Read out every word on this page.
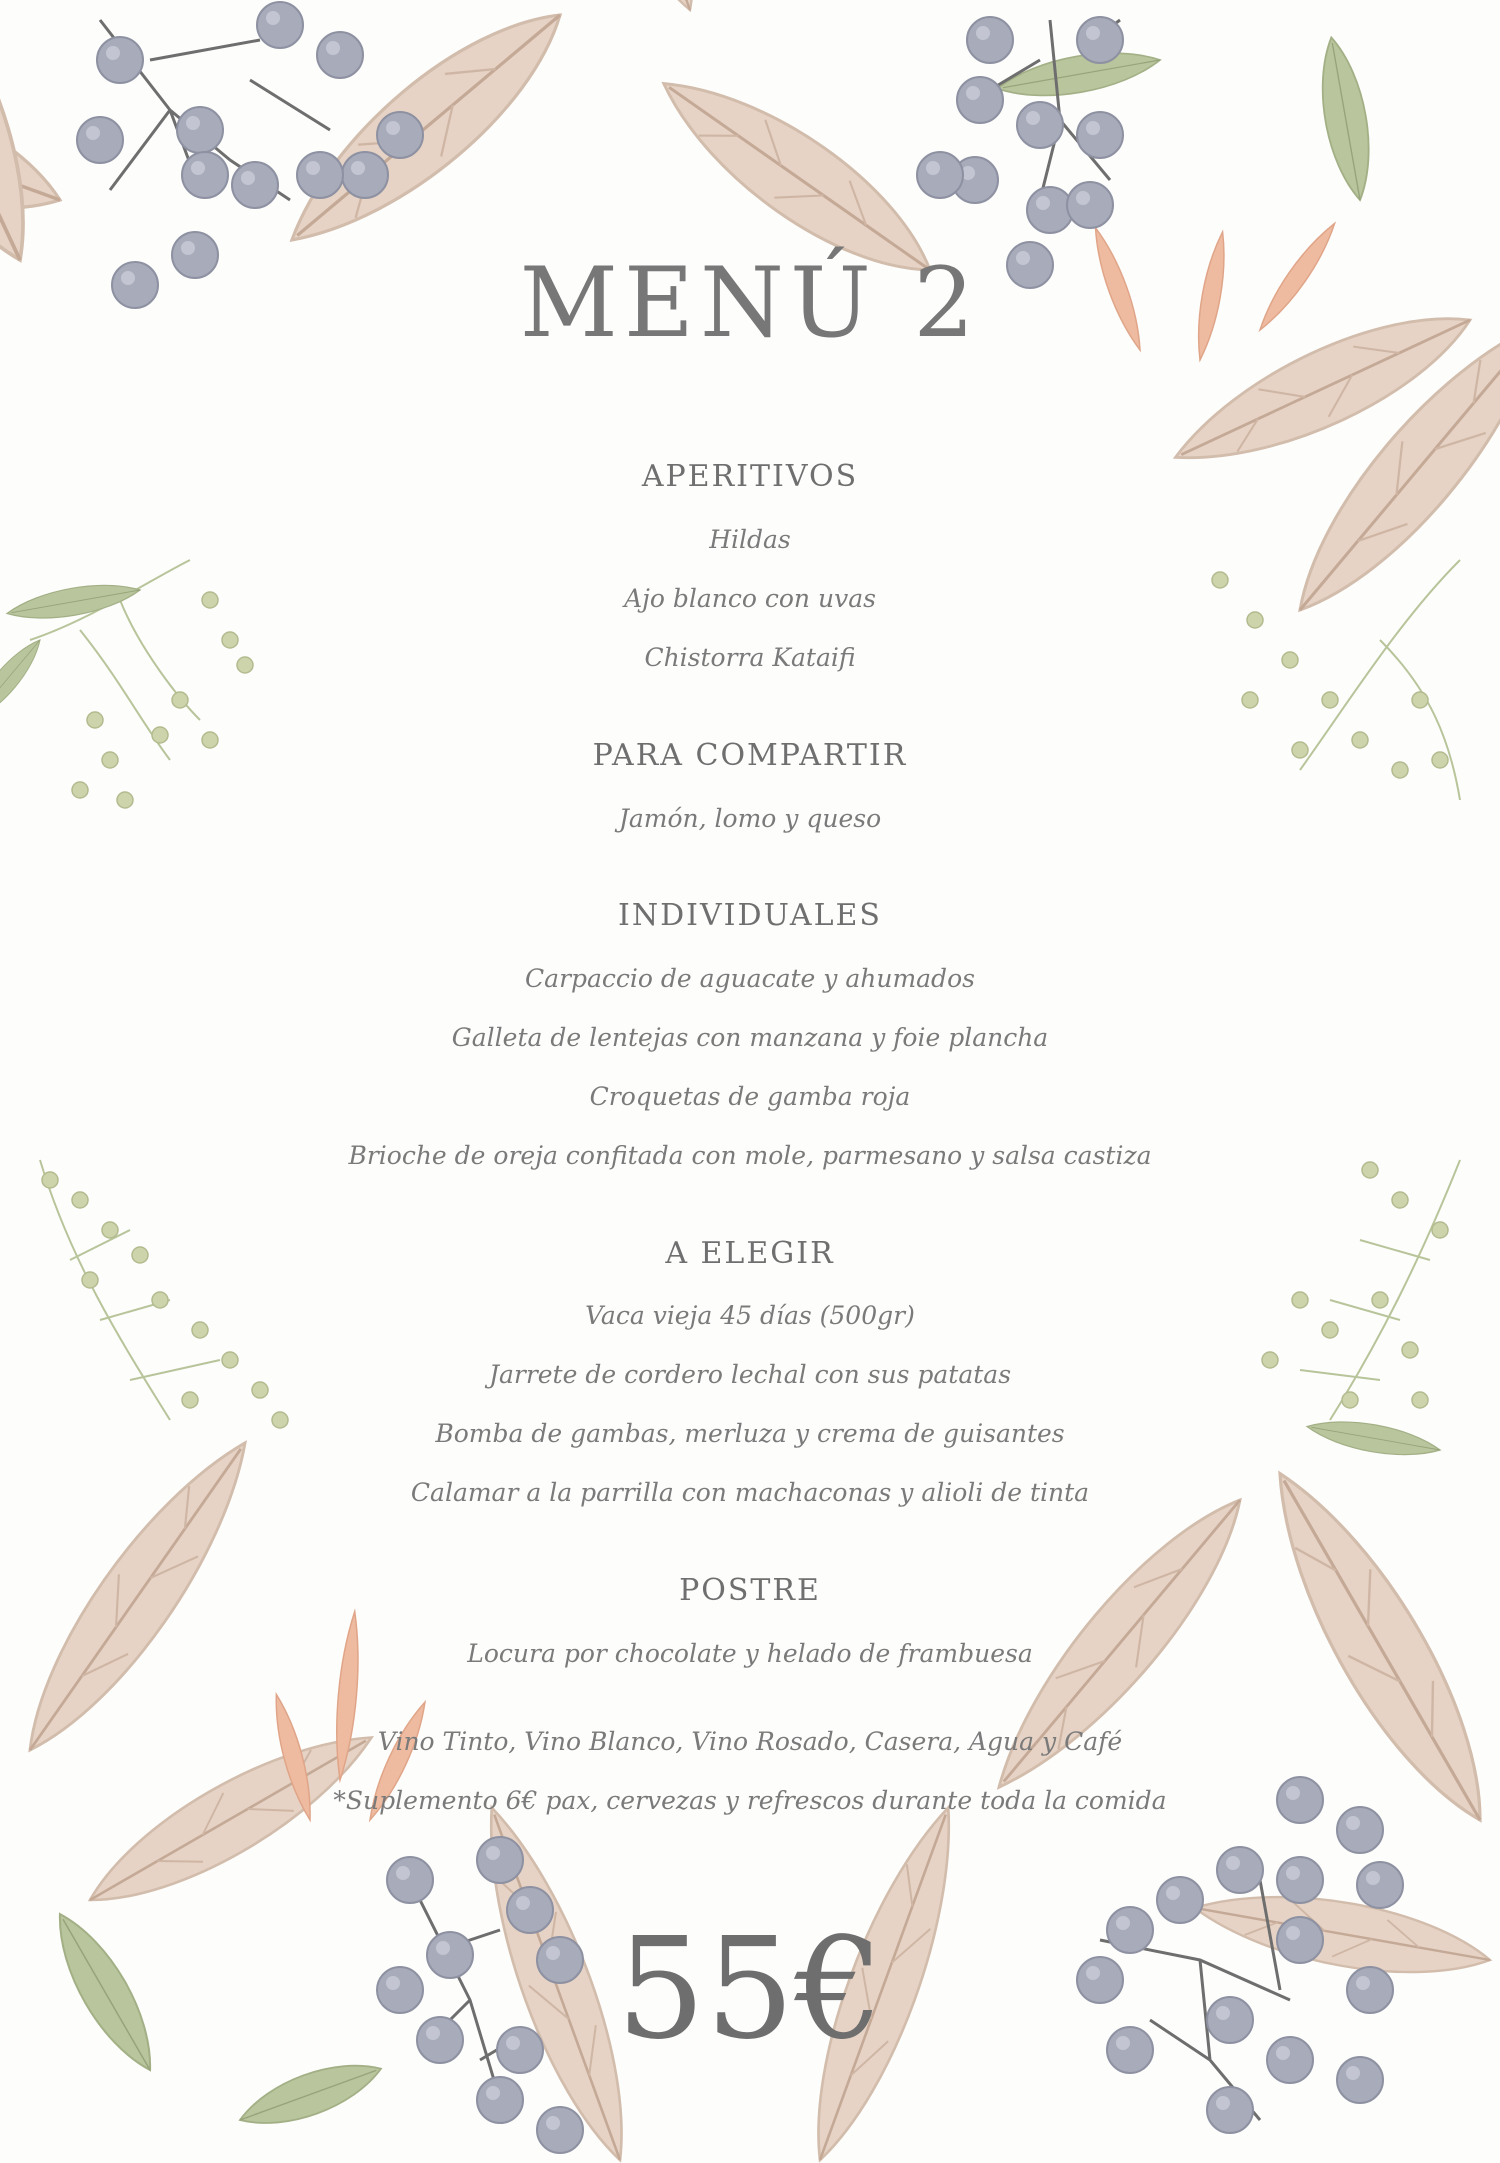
MENÚ 2
APERITIVOS
Hildas
Ajo blanco con uvas
Chistorra Kataifi
PARA COMPARTIR
Jamón, lomo y queso
INDIVIDUALES
Carpaccio de aguacate y ahumados
Galleta de lentejas con manzana y foie plancha
Croquetas de gamba roja
Brioche de oreja confitada con mole, parmesano y salsa castiza
A ELEGIR
Vaca vieja 45 días (500gr)
Jarrete de cordero lechal con sus patatas
Bomba de gambas, merluza y crema de guisantes
Calamar a la parrilla con machaconas y alioli de tinta
POSTRE
Locura por chocolate y helado de frambuesa
Vino Tinto, Vino Blanco, Vino Rosado, Casera, Agua y Café
*Suplemento 6€ pax, cervezas y refrescos durante toda la comida
55€
